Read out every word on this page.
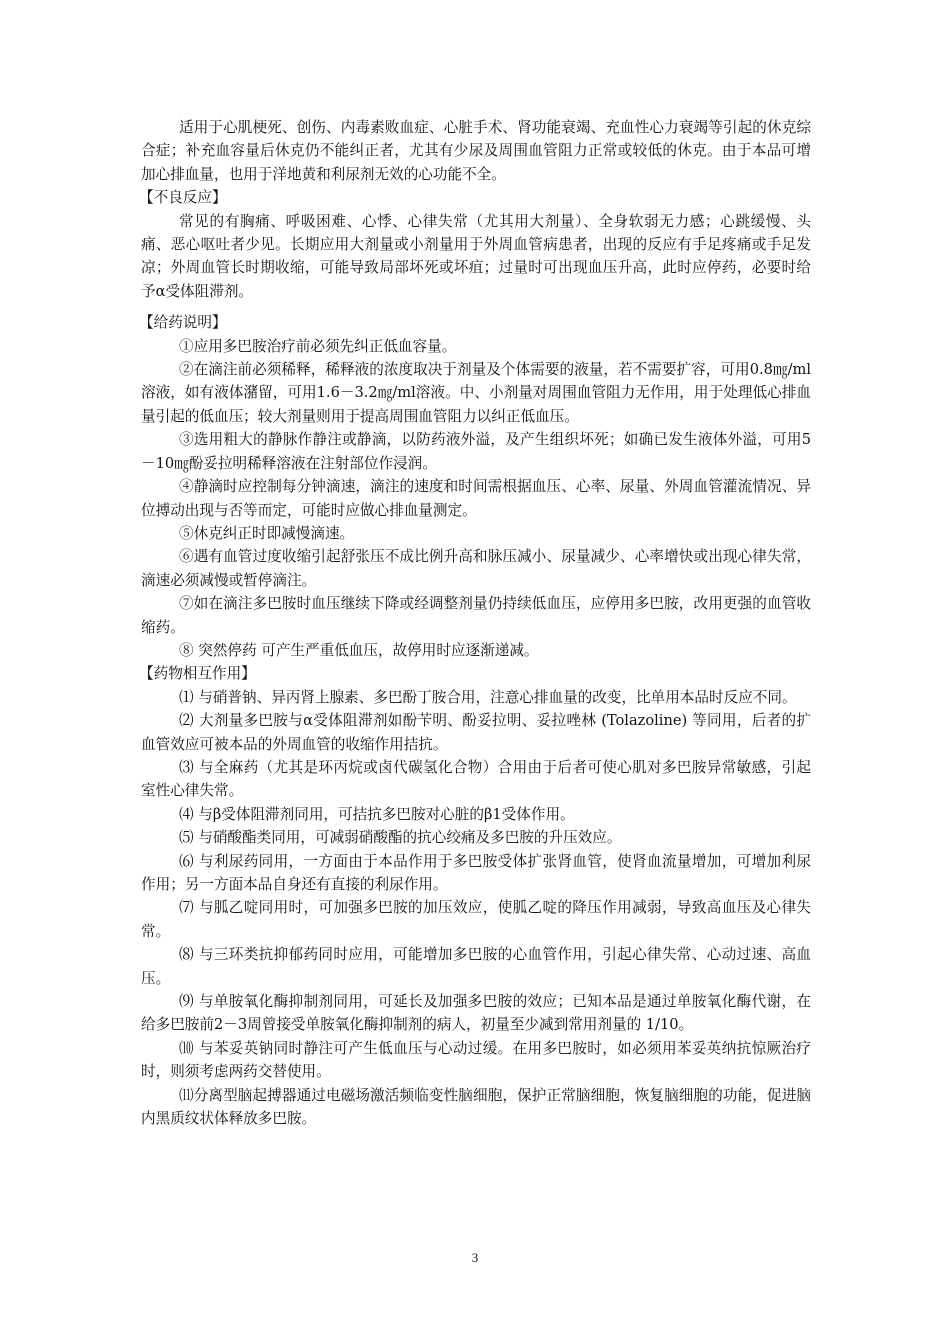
适用于心肌梗死、创伤、内毒素败血症、心脏手术、肾功能衰竭、充血性心力衰竭等引起的休克综合症；补充血容量后休克仍不能纠正者，尤其有少尿及周围血管阻力正常或较低的休克。由于本品可增加心排血量，也用于洋地黄和利尿剂无效的心功能不全。

【不良反应】

常见的有胸痛、呼吸困难、心悸、心律失常（尤其用大剂量）、全身软弱无力感；心跳缓慢、头痛、恶心呕吐者少见。长期应用大剂量或小剂量用于外周血管病患者，出现的反应有手足疼痛或手足发凉；外周血管长时期收缩，可能导致局部坏死或坏疽；过量时可出现血压升高，此时应停药，必要时给予α受体阻滞剂。

【给药说明】

①应用多巴胺治疗前必须先纠正低血容量。

②在滴注前必须稀释，稀释液的浓度取决于剂量及个体需要的液量，若不需要扩容，可用0.8㎎/ml溶液，如有液体潴留，可用1.6－3.2㎎/ml溶液。中、小剂量对周围血管阻力无作用，用于处理低心排血量引起的低血压；较大剂量则用于提高周围血管阻力以纠正低血压。

③选用粗大的静脉作静注或静滴，以防药液外溢，及产生组织坏死；如确已发生液体外溢，可用5－10㎎酚妥拉明稀释溶液在注射部位作浸润。

④静滴时应控制每分钟滴速，滴注的速度和时间需根据血压、心率、尿量、外周血管灌流情况、异位搏动出现与否等而定，可能时应做心排血量测定。

⑤休克纠正时即减慢滴速。

⑥遇有血管过度收缩引起舒张压不成比例升高和脉压减小、尿量减少、心率增快或出现心律失常，滴速必须减慢或暂停滴注。

⑦如在滴注多巴胺时血压继续下降或经调整剂量仍持续低血压，应停用多巴胺，改用更强的血管收缩药。

⑧ 突然停药 可产生严重低血压，故停用时应逐渐递减。

【药物相互作用】

⑴ 与硝普钠、异丙肾上腺素、多巴酚丁胺合用，注意心排血量的改变，比单用本品时反应不同。

⑵ 大剂量多巴胺与α受体阻滞剂如酚苄明、酚妥拉明、妥拉唑林 (Tolazoline) 等同用，后者的扩血管效应可被本品的外周血管的收缩作用拮抗。

⑶ 与全麻药（尤其是环丙烷或卤代碳氢化合物）合用由于后者可使心肌对多巴胺异常敏感，引起室性心律失常。

⑷ 与β受体阻滞剂同用，可拮抗多巴胺对心脏的β1受体作用。

⑸ 与硝酸酯类同用，可减弱硝酸酯的抗心绞痛及多巴胺的升压效应。

⑹ 与利尿药同用，一方面由于本品作用于多巴胺受体扩张肾血管，使肾血流量增加，可增加利尿作用；另一方面本品自身还有直接的利尿作用。

⑺ 与胍乙啶同用时，可加强多巴胺的加压效应，使胍乙啶的降压作用减弱，导致高血压及心律失常。

⑻ 与三环类抗抑郁药同时应用，可能增加多巴胺的心血管作用，引起心律失常、心动过速、高血压。

⑼ 与单胺氧化酶抑制剂同用，可延长及加强多巴胺的效应；已知本品是通过单胺氧化酶代谢，在给多巴胺前2－3周曾接受单胺氧化酶抑制剂的病人，初量至少减到常用剂量的 1/10。

⑽ 与苯妥英钠同时静注可产生低血压与心动过缓。在用多巴胺时，如必须用苯妥英纳抗惊厥治疗时，则须考虑两药交替使用。

⑾分离型脑起搏器通过电磁场激活频临变性脑细胞，保护正常脑细胞，恢复脑细胞的功能，促进脑内黑质纹状体释放多巴胺。

3
